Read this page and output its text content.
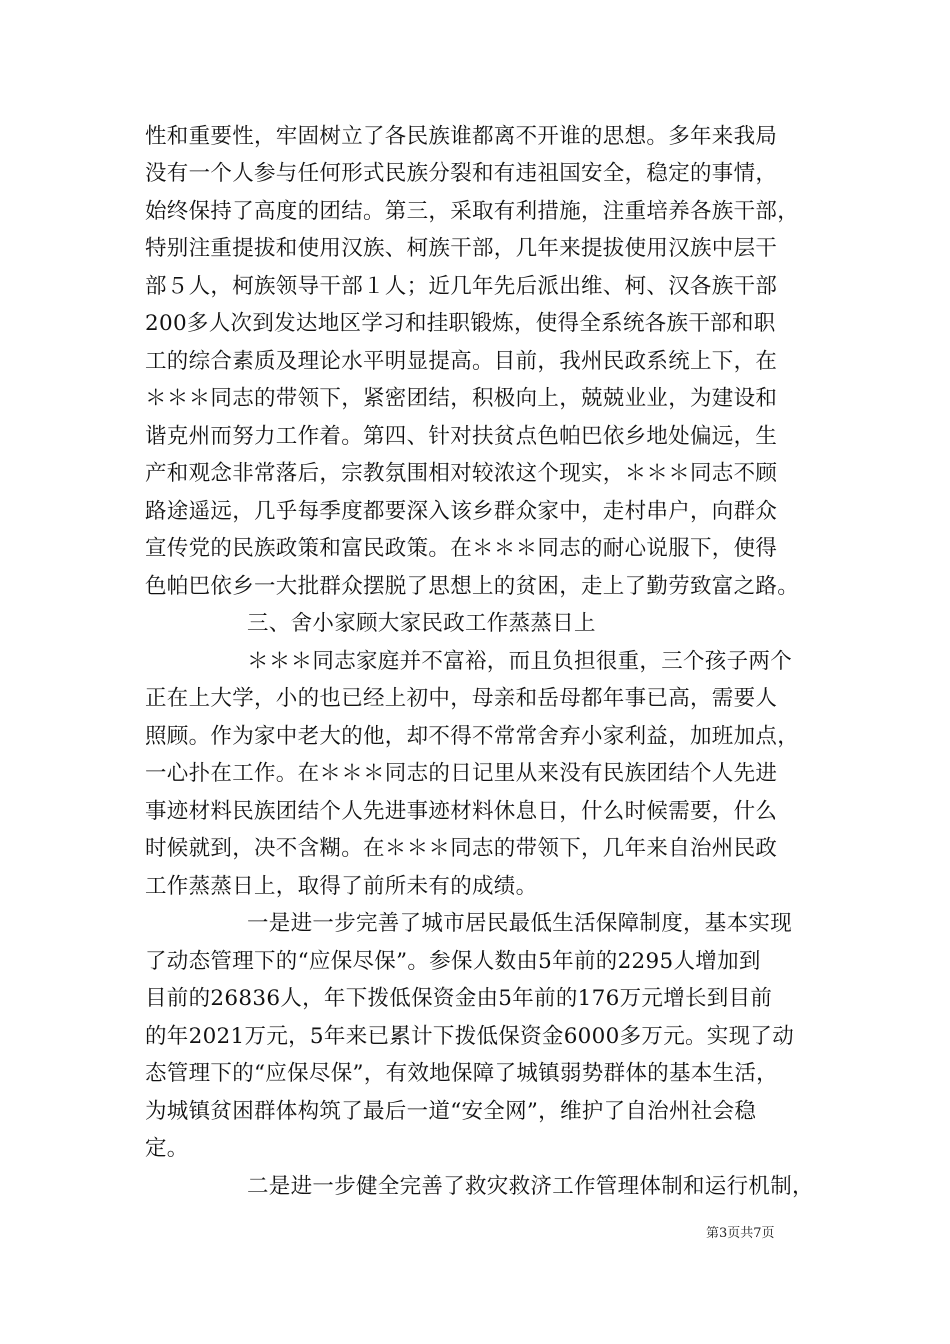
性和重要性，牢固树立了各民族谁都离不开谁的思想。多年来我局
没有一个人参与任何形式民族分裂和有违祖国安全，稳定的事情，
始终保持了高度的团结。第三，采取有利措施，注重培养各族干部，
特别注重提拔和使用汉族、柯族干部，几年来提拔使用汉族中层干
部５人，柯族领导干部１人；近几年先后派出维、柯、汉各族干部
200多人次到发达地区学习和挂职锻炼，使得全系统各族干部和职
工的综合素质及理论水平明显提高。目前，我州民政系统上下，在
＊＊＊同志的带领下，紧密团结，积极向上，兢兢业业，为建设和
谐克州而努力工作着。第四、针对扶贫点色帕巴依乡地处偏远，生
产和观念非常落后，宗教氛围相对较浓这个现实，＊＊＊同志不顾
路途遥远，几乎每季度都要深入该乡群众家中，走村串户，向群众
宣传党的民族政策和富民政策。在＊＊＊同志的耐心说服下，使得
色帕巴依乡一大批群众摆脱了思想上的贫困，走上了勤劳致富之路。
三、舍小家顾大家民政工作蒸蒸日上
＊＊＊同志家庭并不富裕，而且负担很重，三个孩子两个
正在上大学，小的也已经上初中，母亲和岳母都年事已高，需要人
照顾。作为家中老大的他，却不得不常常舍弃小家利益，加班加点，
一心扑在工作。在＊＊＊同志的日记里从来没有民族团结个人先进
事迹材料民族团结个人先进事迹材料休息日，什么时候需要，什么
时候就到，决不含糊。在＊＊＊同志的带领下，几年来自治州民政
工作蒸蒸日上，取得了前所未有的成绩。
一是进一步完善了城市居民最低生活保障制度，基本实现
了动态管理下的“应保尽保”。参保人数由5年前的2295人增加到
目前的26836人，年下拨低保资金由5年前的176万元增长到目前
的年2021万元，5年来已累计下拨低保资金6000多万元。实现了动
态管理下的“应保尽保”，有效地保障了城镇弱势群体的基本生活，
为城镇贫困群体构筑了最后一道“安全网”，维护了自治州社会稳
定。
二是进一步健全完善了救灾救济工作管理体制和运行机制，
第3页共7页
